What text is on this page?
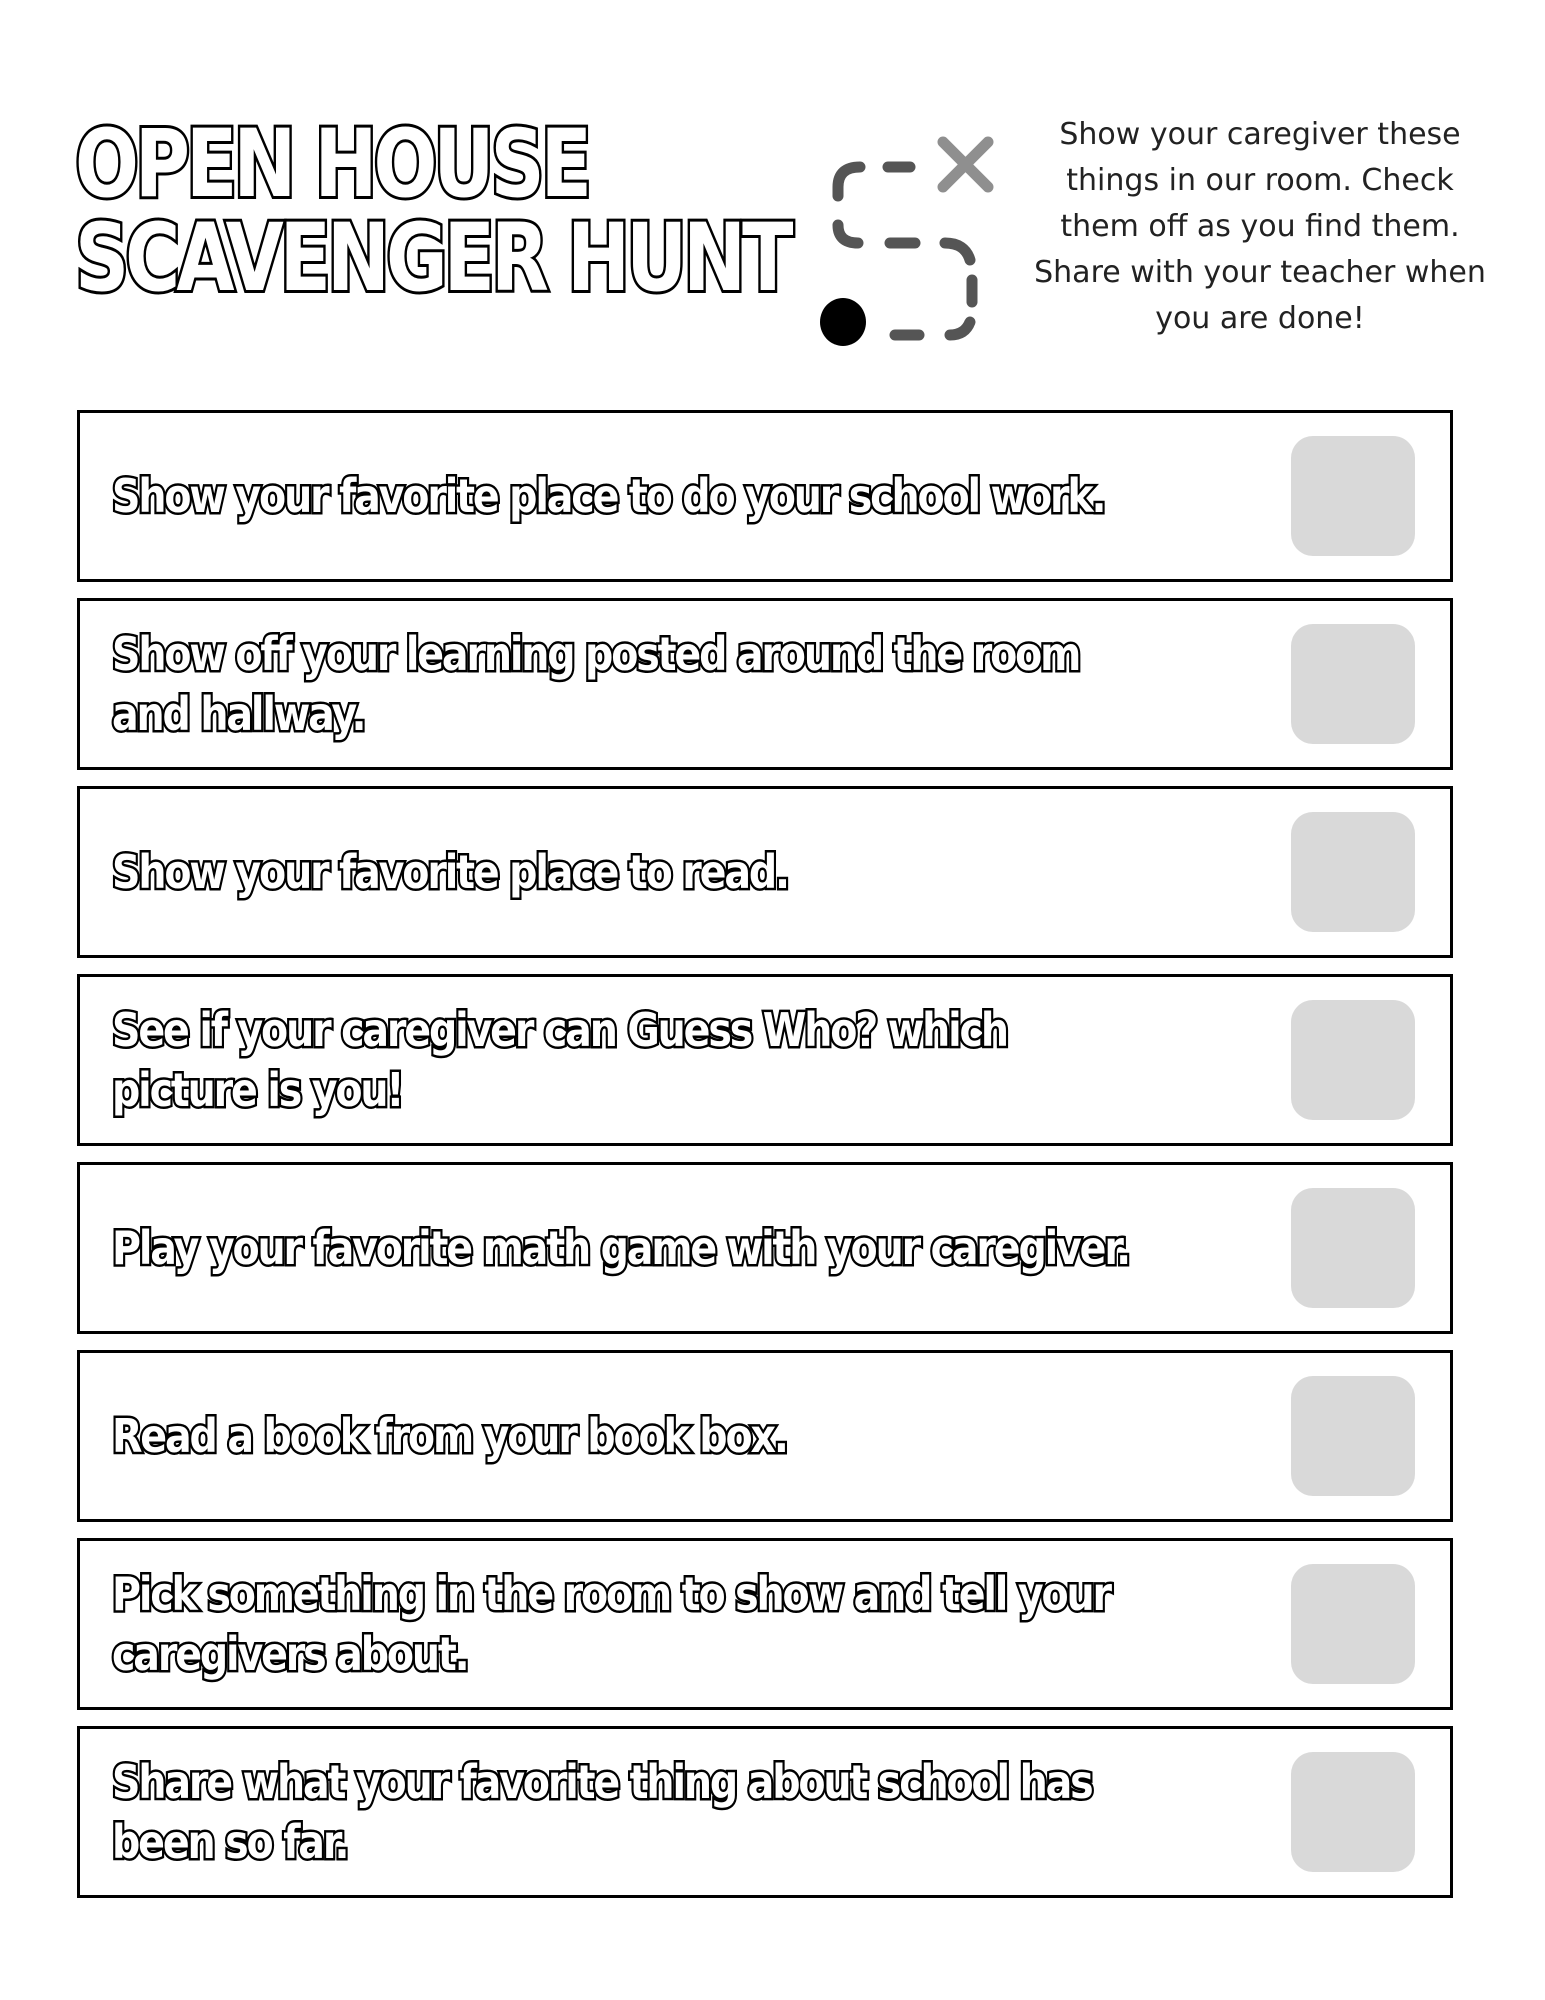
OPEN HOUSE
SCAVENGER HUNT

Show your caregiver these things in our room. Check them off as you find them. Share with your teacher when you are done!

Show your favorite place to do your school work.
Show off your learning posted around the room and hallway.
Show your favorite place to read.
See if your caregiver can Guess Who? which picture is you!
Play your favorite math game with your caregiver.
Read a book from your book box.
Pick something in the room to show and tell your caregivers about.
Share what your favorite thing about school has been so far.
